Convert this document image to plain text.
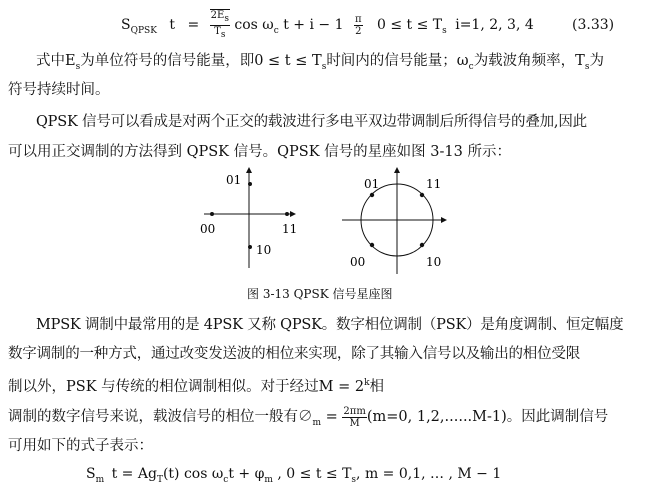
$S_{QPSK}$ $t = \frac{2E_s}{T_s}$ $\cos \omega_c$ $t + i - 1 \frac{\pi}{2} 0 \le t \le T_s$ i=1, 2, 3, 4	(3.33)
式中$E_s$为单位符号的信号能量，即$0 \le t \le T_s$时间内的信号能量；$\omega_c$为载波角频率，$T_s$为
符号持续时间。
QPSK 信号可以看成是对两个正交的载波进行多电平双边带调制后所得信号的叠加,因此
可以用正交调制的方法得到 QPSK 信号。QPSK 信号的星座如图 3-13 所示：
01
00	11
10
01	11
00	10
图 3-13 QPSK 信号星座图
MPSK 调制中最常用的是 4PSK 又称 QPSK。数字相位调制（PSK）是角度调制、恒定幅度
数字调制的一种方式，通过改变发送波的相位来实现，除了其输入信号以及输出的相位受限
制以外，PSK 与传统的相位调制相似。对于经过$M = 2^k$相
调制的数字信号来说，载波信号的相位一般有$\emptyset_m = \frac{2\pi m}{M} (m=0$, 1,2,......M-1)。因此调制信号
可用如下的式子表示：
$S_m$ $t = Ag_T(t)$ $\cos \omega_ct + \varphi_m$ , $0 \le t \le T_s$, m = 0,1, … , M − 1
